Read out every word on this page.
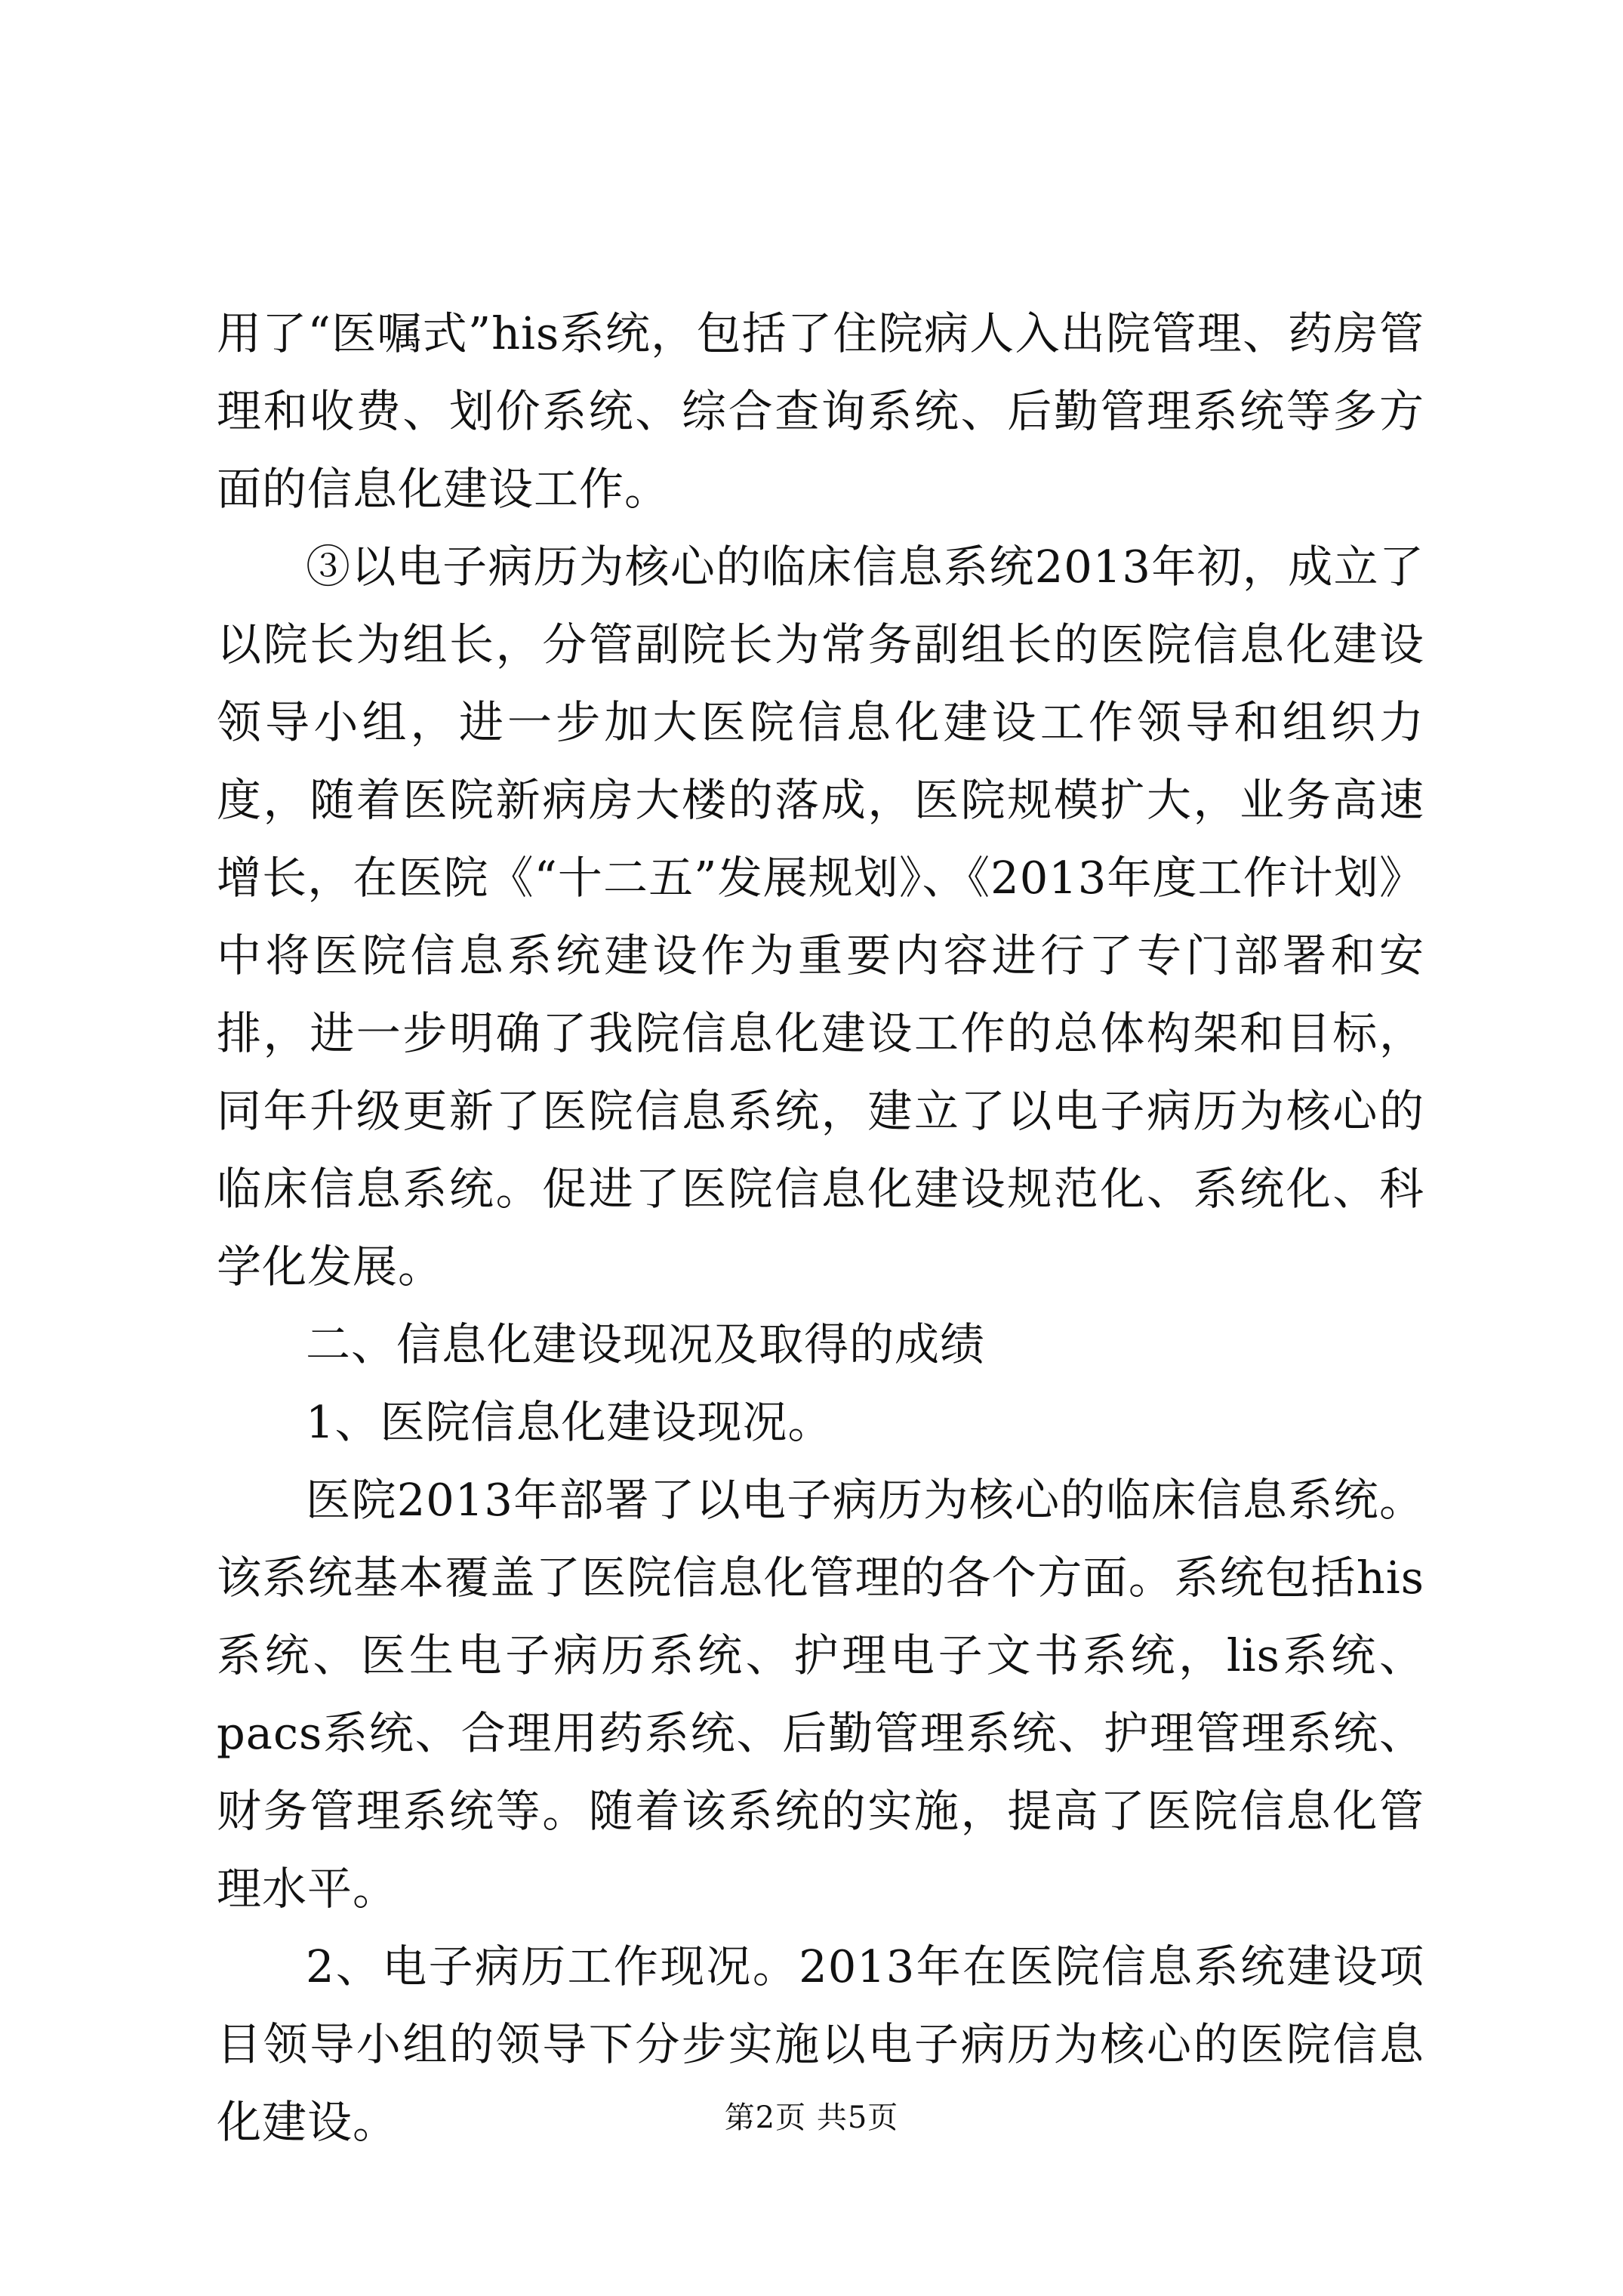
用了“医嘱式”his系统，包括了住院病人入出院管理、药房管理和收费、划价系统、综合查询系统、后勤管理系统等多方面的信息化建设工作。

③以电子病历为核心的临床信息系统2013年初，成立了以院长为组长，分管副院长为常务副组长的医院信息化建设领导小组，进一步加大医院信息化建设工作领导和组织力度，随着医院新病房大楼的落成，医院规模扩大，业务高速增长，在医院《“十二五”发展规划》、《2013年度工作计划》中将医院信息系统建设作为重要内容进行了专门部署和安排，进一步明确了我院信息化建设工作的总体构架和目标，同年升级更新了医院信息系统，建立了以电子病历为核心的临床信息系统。促进了医院信息化建设规范化、系统化、科学化发展。

二、信息化建设现况及取得的成绩

1、医院信息化建设现况。

医院2013年部署了以电子病历为核心的临床信息系统。该系统基本覆盖了医院信息化管理的各个方面。系统包括his系统、医生电子病历系统、护理电子文书系统，lis系统、pacs系统、合理用药系统、后勤管理系统、护理管理系统、财务管理系统等。随着该系统的实施，提高了医院信息化管理水平。

2、电子病历工作现况。2013年在医院信息系统建设项目领导小组的领导下分步实施以电子病历为核心的医院信息化建设。	第2页 共5页
